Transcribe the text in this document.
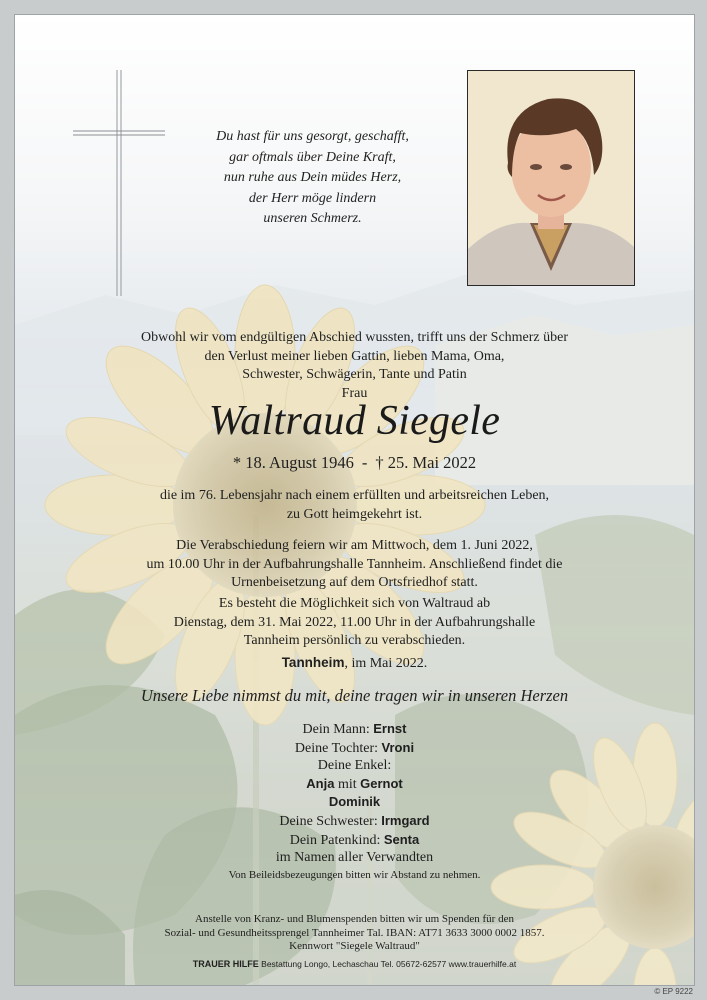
Du hast für uns gesorgt, geschafft,
gar oftmals über Deine Kraft,
nun ruhe aus Dein müdes Herz,
der Herr möge lindern
unseren Schmerz.
Obwohl wir vom endgültigen Abschied wussten, trifft uns der Schmerz über
den Verlust meiner lieben Gattin, lieben Mama, Oma,
Schwester, Schwägerin, Tante und Patin
Frau
Waltraud Siegele
* 18. August 1946 - † 25. Mai 2022
die im 76. Lebensjahr nach einem erfüllten und arbeitsreichen Leben,
zu Gott heimgekehrt ist.
Die Verabschiedung feiern wir am Mittwoch, dem 1. Juni 2022,
um 10.00 Uhr in der Aufbahrungshalle Tannheim. Anschließend findet die
Urnenbeisetzung auf dem Ortsfriedhof statt.
Es besteht die Möglichkeit sich von Waltraud ab
Dienstag, dem 31. Mai 2022, 11.00 Uhr in der Aufbahrungshalle
Tannheim persönlich zu verabschieden.
Tannheim, im Mai 2022.
Unsere Liebe nimmst du mit, deine tragen wir in unseren Herzen
Dein Mann: Ernst
Deine Tochter: Vroni
Deine Enkel:
Anja mit Gernot
Dominik
Deine Schwester: Irmgard
Dein Patenkind: Senta
im Namen aller Verwandten
Von Beileidsbezeugungen bitten wir Abstand zu nehmen.
Anstelle von Kranz- und Blumenspenden bitten wir um Spenden für den
Sozial- und Gesundheitssprengel Tannheimer Tal. IBAN: AT71 3633 3000 0002 1857.
Kennwort "Siegele Waltraud"
TRAUER HILFE Bestattung Longo, Lechaschau Tel. 05672-62577 www.trauerhilfe.at
© EP 9222
